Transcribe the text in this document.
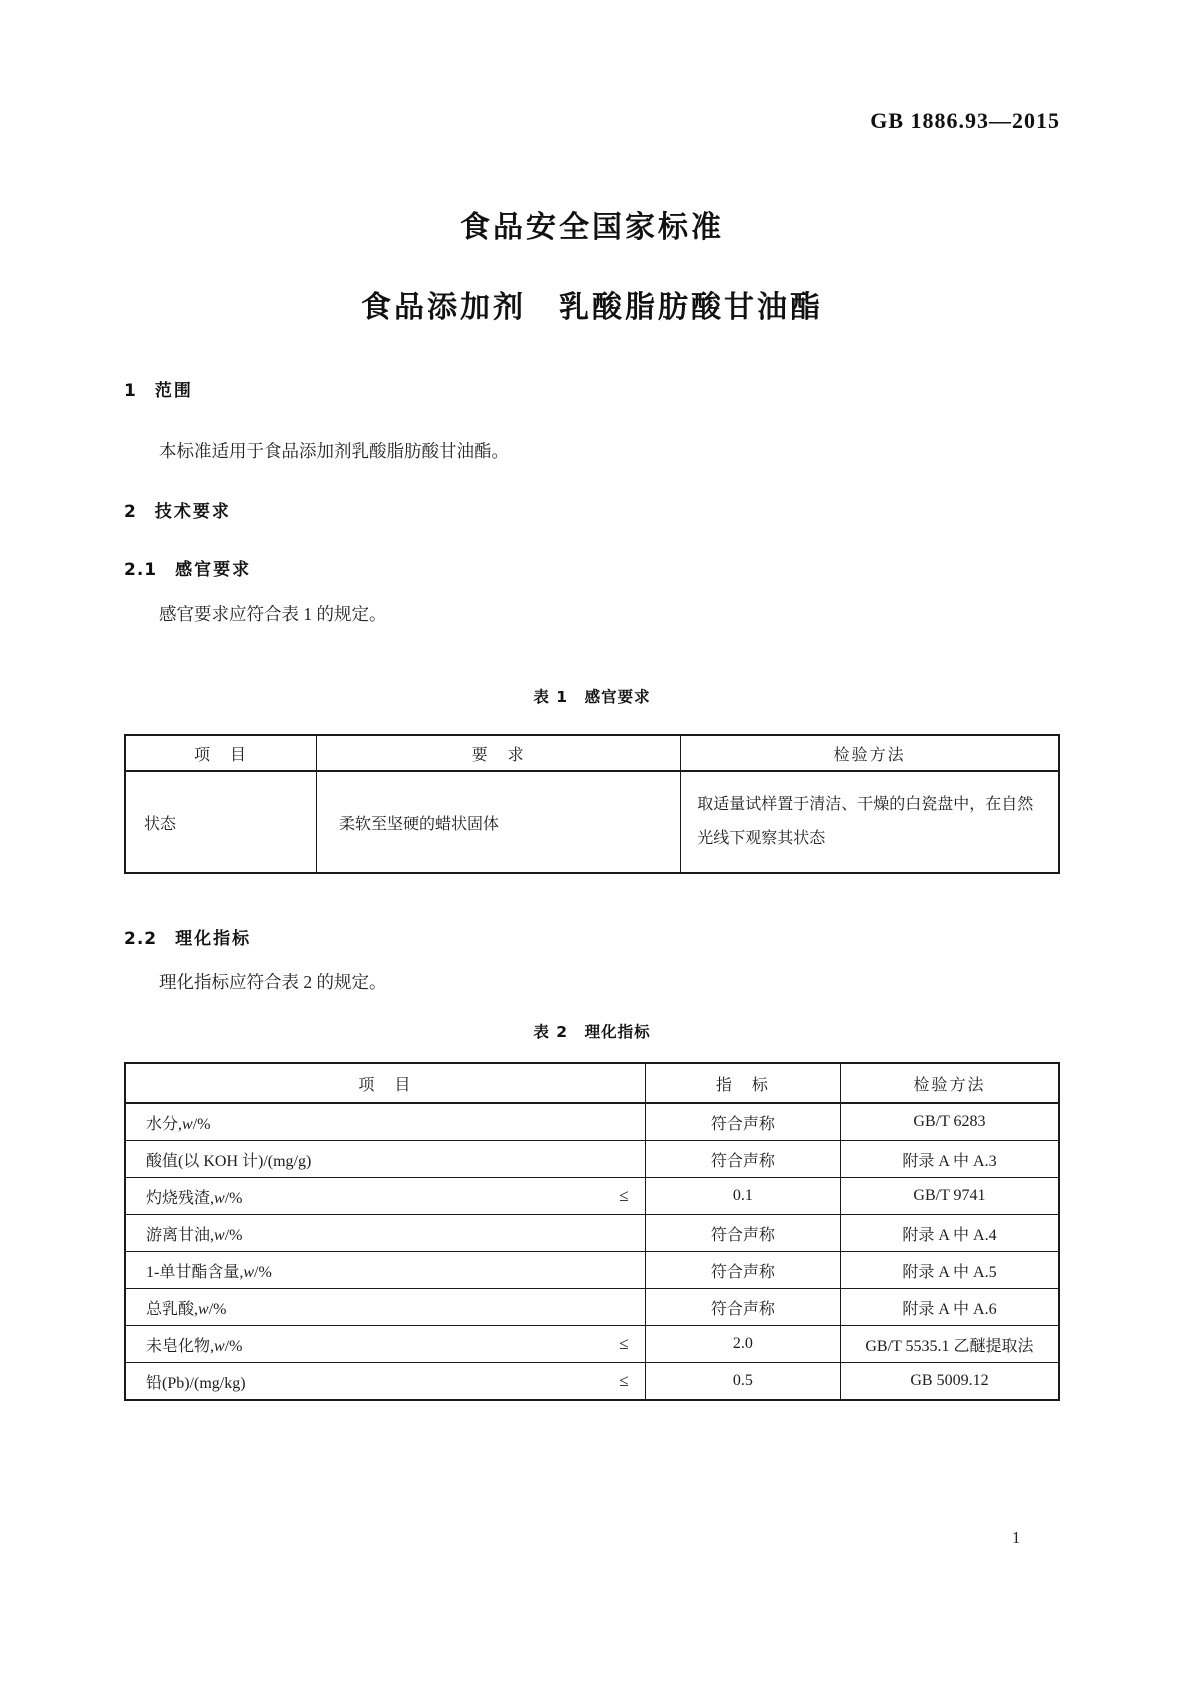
GB 1886.93—2015
食品安全国家标准
食品添加剂　乳酸脂肪酸甘油酯
1 范围
本标准适用于食品添加剂乳酸脂肪酸甘油酯。
2 技术要求
2.1 感官要求
感官要求应符合表 1 的规定。
表 1　感官要求
项　目	要　求	检验方法
状态	柔软至坚硬的蜡状固体	取适量试样置于清洁、干燥的白瓷盘中，在自然光线下观察其状态
2.2 理化指标
理化指标应符合表 2 的规定。
表 2　理化指标
项　目	指　标	检验方法

水分,w/%	符合声称	GB/T 6283

酸值(以 KOH 计)/(mg/g)	符合声称	附录 A 中 A.3

灼烧残渣,w/% ≤	0.1	GB/T 9741

游离甘油,w/%	符合声称	附录 A 中 A.4

1-单甘酯含量,w/%	符合声称	附录 A 中 A.5

总乳酸,w/%	符合声称	附录 A 中 A.6

未皂化物,w/% ≤	2.0	GB/T 5535.1 乙醚提取法

铅(Pb)/(mg/kg) ≤	0.5	GB 5009.12
1
